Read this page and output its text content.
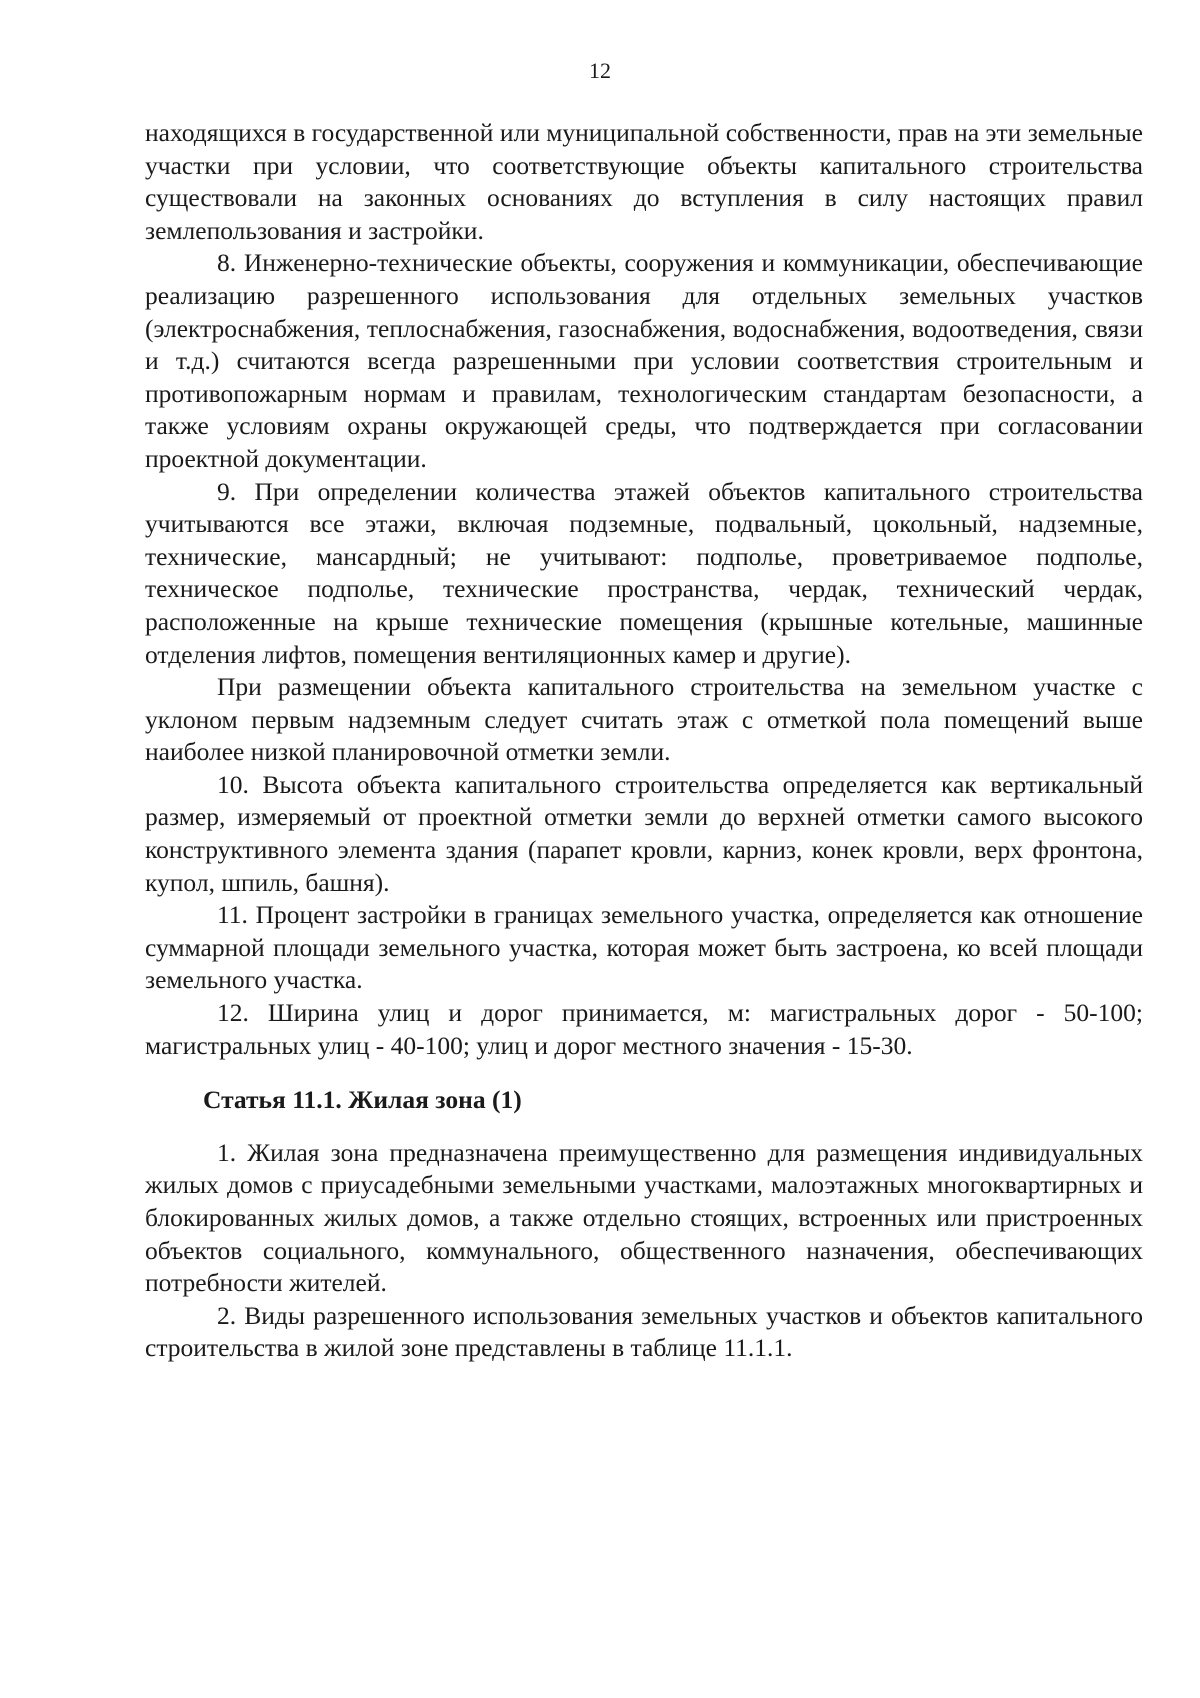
12

находящихся в государственной или муниципальной собственности, прав на эти земельные участки при условии, что соответствующие объекты капитального строительства существовали на законных основаниях до вступления в силу настоящих правил землепользования и застройки.

8. Инженерно-технические объекты, сооружения и коммуникации, обеспечивающие реализацию разрешенного использования для отдельных земельных участков (электроснабжения, теплоснабжения, газоснабжения, водоснабжения, водоотведения, связи и т.д.) считаются всегда разрешенными при условии соответствия строительным и противопожарным нормам и правилам, технологическим стандартам безопасности, а также условиям охраны окружающей среды, что подтверждается при согласовании проектной документации.

9. При определении количества этажей объектов капитального строительства учитываются все этажи, включая подземные, подвальный, цокольный, надземные, технические, мансардный; не учитывают: подполье, проветриваемое подполье, техническое подполье, технические пространства, чердак, технический чердак, расположенные на крыше технические помещения (крышные котельные, машинные отделения лифтов, помещения вентиляционных камер и другие).

При размещении объекта капитального строительства на земельном участке с уклоном первым надземным следует считать этаж с отметкой пола помещений выше наиболее низкой планировочной отметки земли.

10. Высота объекта капитального строительства определяется как вертикальный размер, измеряемый от проектной отметки земли до верхней отметки самого высокого конструктивного элемента здания (парапет кровли, карниз, конек кровли, верх фронтона, купол, шпиль, башня).

11. Процент застройки в границах земельного участка, определяется как отношение суммарной площади земельного участка, которая может быть застроена, ко всей площади земельного участка.

12. Ширина улиц и дорог принимается, м: магистральных дорог - 50-100; магистральных улиц - 40-100; улиц и дорог местного значения - 15-30.

Статья 11.1. Жилая зона (1)

1. Жилая зона предназначена преимущественно для размещения индивидуальных жилых домов с приусадебными земельными участками, малоэтажных многоквартирных и блокированных жилых домов, а также отдельно стоящих, встроенных или пристроенных объектов социального, коммунального, общественного назначения, обеспечивающих потребности жителей.

2. Виды разрешенного использования земельных участков и объектов капитального строительства в жилой зоне представлены в таблице 11.1.1.
